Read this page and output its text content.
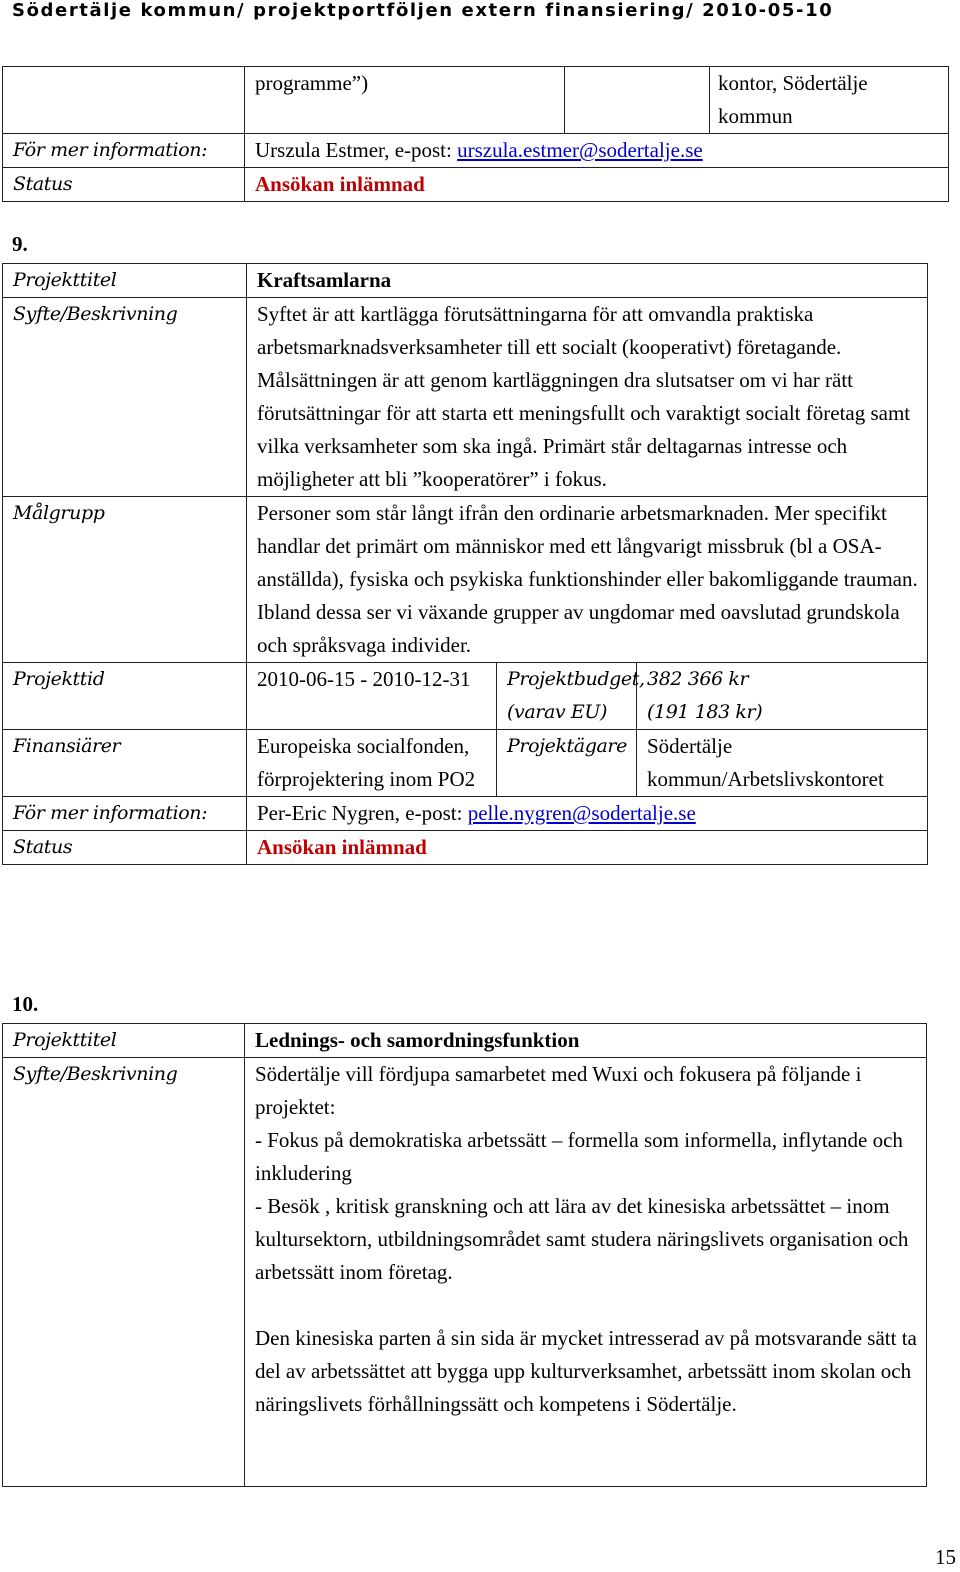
Södertälje kommun/ projektportföljen extern finansiering/ 2010-05-10
	programme”)		kontor, Södertälje kommun
För mer information:	Urszula Estmer, e-post: urszula.estmer@sodertalje.se		
Status	Ansökan inlämnad		
9.
Projekttitel	Kraftsamlarna		
Syfte/Beskrivning	Syftet är att kartlägga förutsättningarna för att omvandla praktiska arbetsmarknadsverksamheter till ett socialt (kooperativt) företagande. Målsättningen är att genom kartläggningen dra slutsatser om vi har rätt förutsättningar för att starta ett meningsfullt och varaktigt socialt företag samt vilka verksamheter som ska ingå. Primärt står deltagarnas intresse och möjligheter att bli ”kooperatörer” i fokus.		
Målgrupp	Personer som står långt ifrån den ordinarie arbetsmarknaden. Mer specifikt handlar det primärt om människor med ett långvarigt missbruk (bl a OSA-anställda), fysiska och psykiska funktionshinder eller bakomliggande trauman. Ibland dessa ser vi växande grupper av ungdomar med oavslutad grundskola och språksvaga individer.		
Projekttid	2010-06-15 - 2010-12-31	Projektbudget, (varav EU)	382 366 kr
(191 183 kr)

Finansiärer	Europeiska socialfonden, förprojektering inom PO2	Projektägare	Södertälje kommun/Arbetslivskontoret
För mer information:	Per-Eric Nygren, e-post: pelle.nygren@sodertalje.se		
Status	Ansökan inlämnad		
10.
Projekttitel	Lednings- och samordningsfunktion
Syfte/Beskrivning	Södertälje vill fördjupa samarbetet med Wuxi och fokusera på följande i projektet:

- Fokus på demokratiska arbetssätt – formella som informella, inflytande och inkludering

- Besök , kritisk granskning och att lära av det kinesiska arbetssättet – inom kultursektorn, utbildningsområdet samt studera näringslivets organisation och arbetssätt inom företag.

Den kinesiska parten å sin sida är mycket intresserad av på motsvarande sätt ta del av arbetssättet att bygga upp kulturverksamhet, arbetssätt inom skolan och näringslivets förhållningssätt och kompetens i Södertälje.

15
